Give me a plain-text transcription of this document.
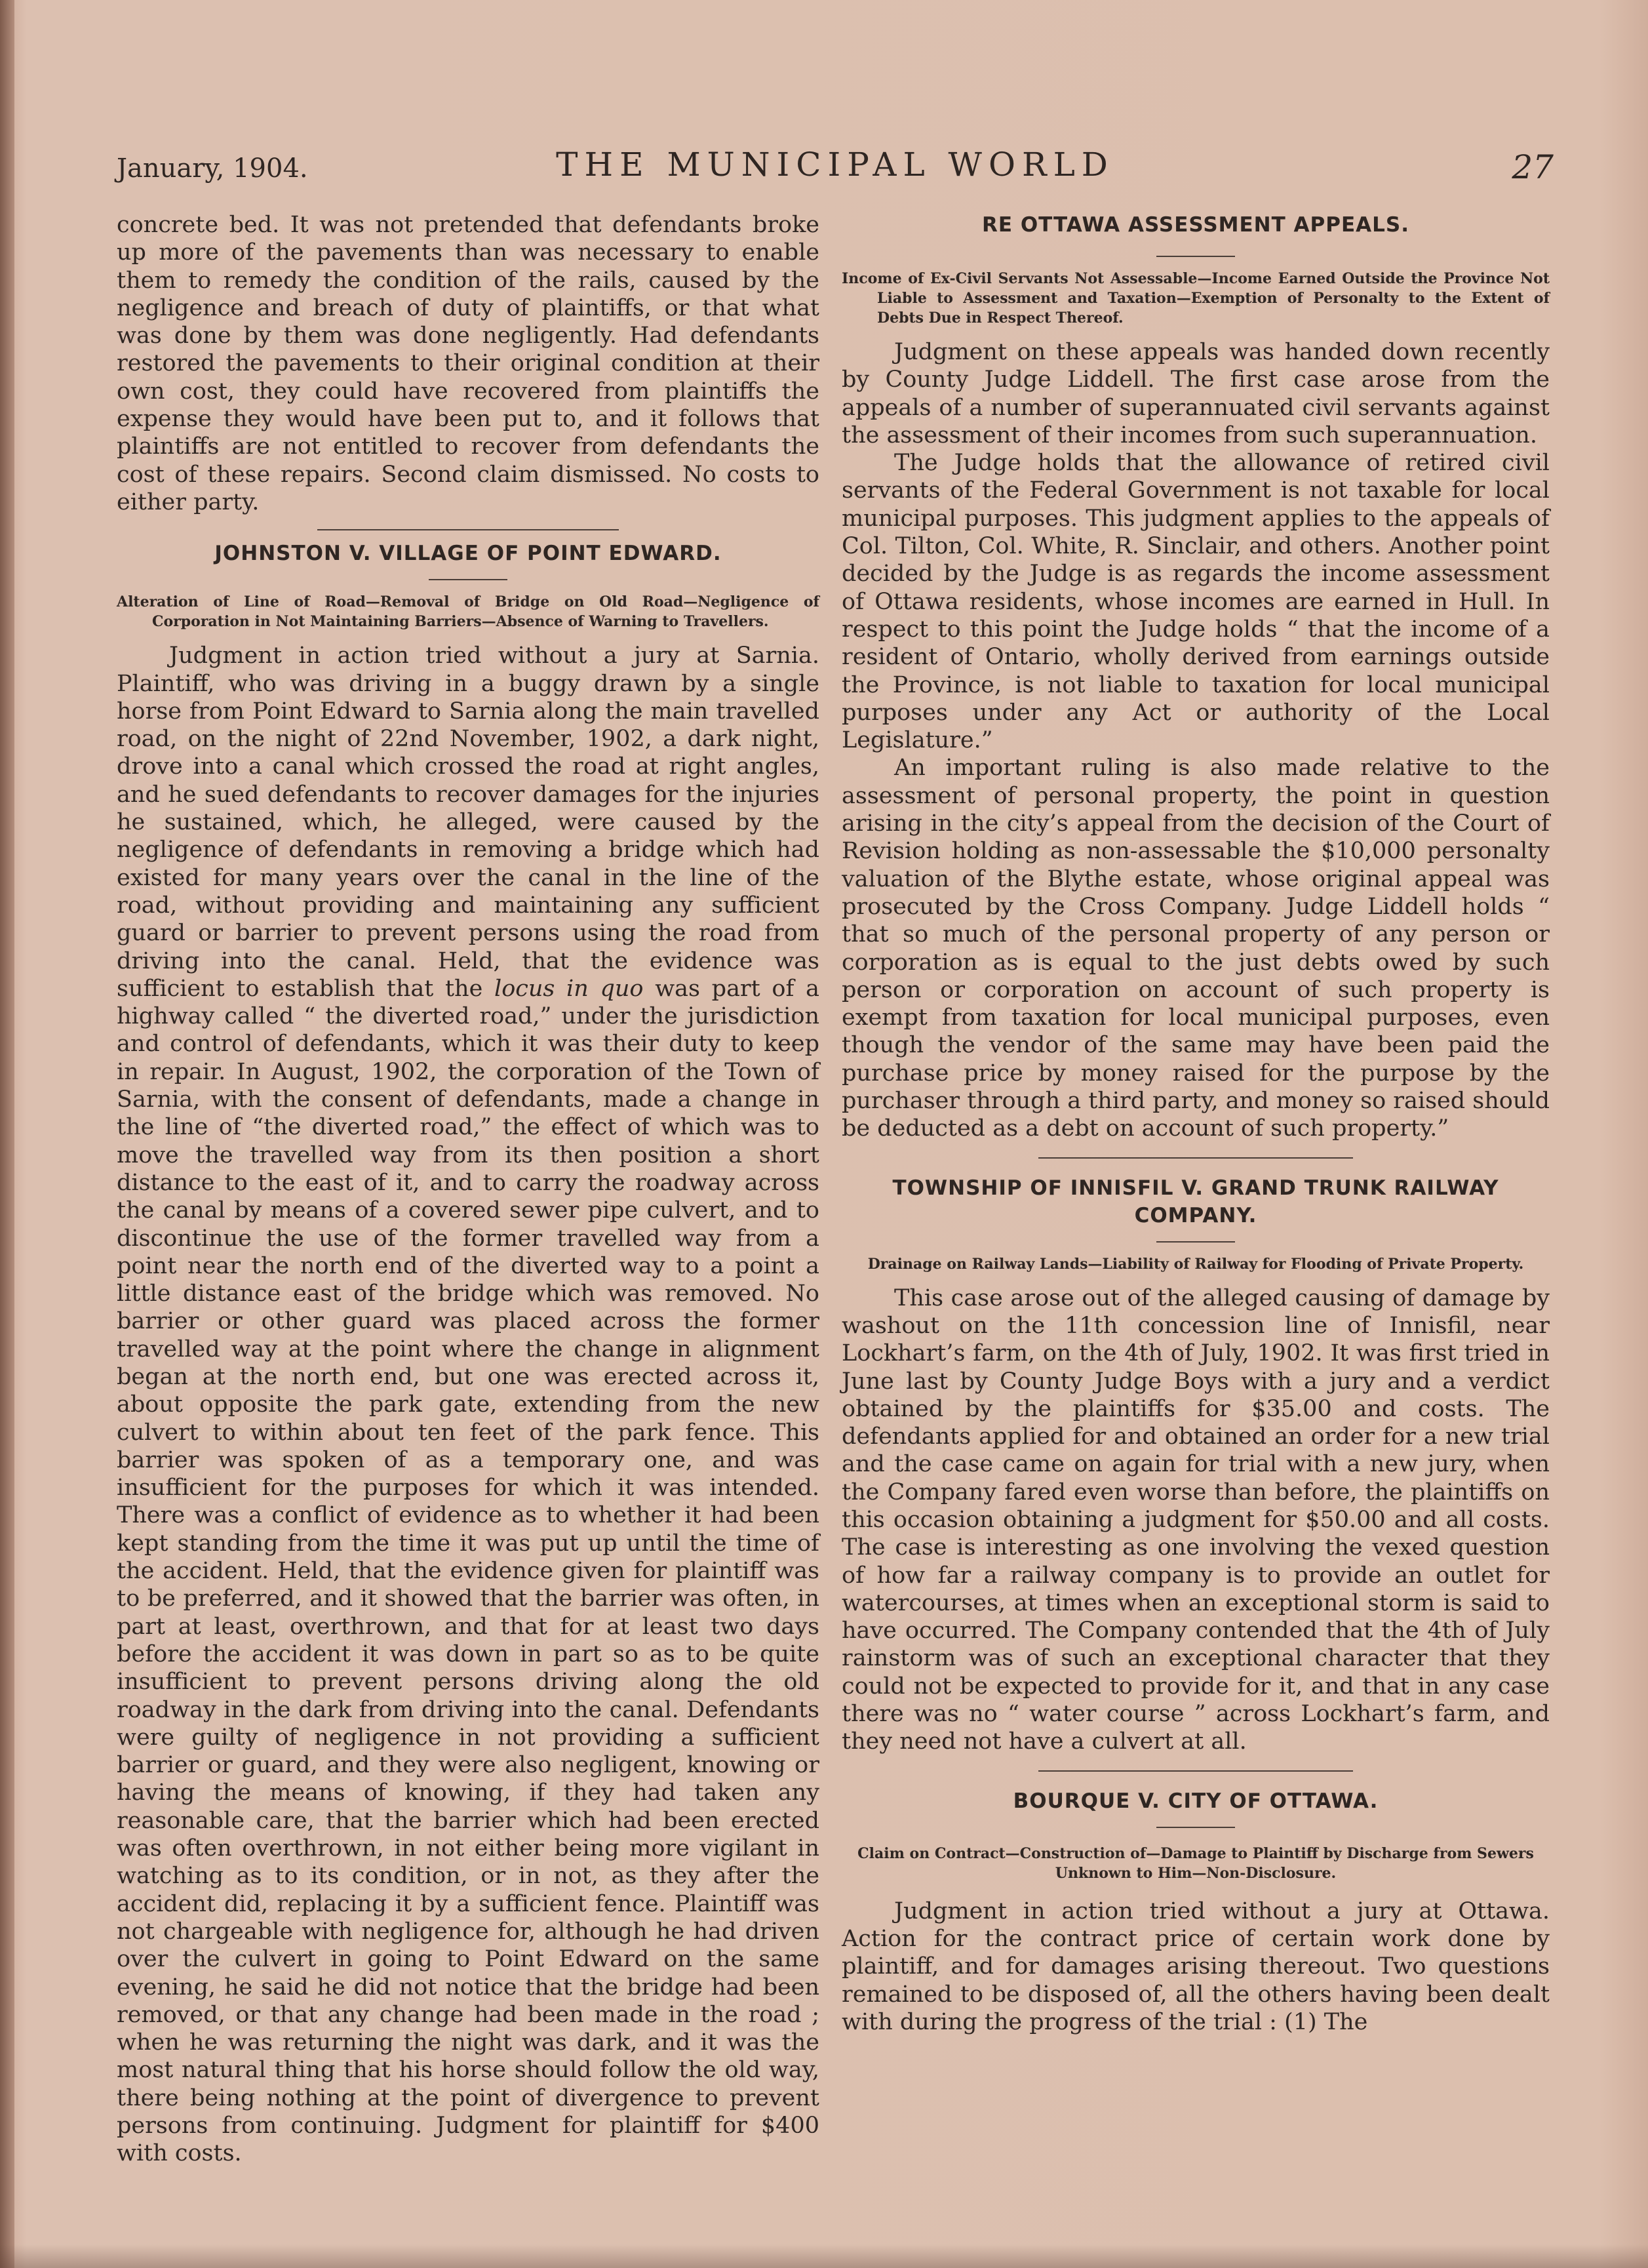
January, 1904.	THE MUNICIPAL WORLD	27

concrete bed. It was not pretended that defendants broke up more of the pavements than was necessary to enable them to remedy the condition of the rails, caused by the negligence and breach of duty of plaintiffs, or that what was done by them was done negligently. Had defendants restored the pavements to their original condition at their own cost, they could have recovered from plaintiffs the expense they would have been put to, and it follows that plaintiffs are not entitled to recover from defendants the cost of these repairs. Second claim dismissed. No costs to either party.

JOHNSTON V. VILLAGE OF POINT EDWARD.

Alteration of Line of Road—Removal of Bridge on Old Road—Negligence of Corporation in Not Maintaining Barriers—Absence of Warning to Travellers.

Judgment in action tried without a jury at Sarnia. Plaintiff, who was driving in a buggy drawn by a single horse from Point Edward to Sarnia along the main travelled road, on the night of 22nd November, 1902, a dark night, drove into a canal which crossed the road at right angles, and he sued defendants to recover damages for the injuries he sustained, which, he alleged, were caused by the negligence of defendants in removing a bridge which had existed for many years over the canal in the line of the road, without providing and maintaining any sufficient guard or barrier to prevent persons using the road from driving into the canal. Held, that the evidence was sufficient to establish that the locus in quo was part of a highway called “ the diverted road,” under the jurisdiction and control of defendants, which it was their duty to keep in repair. In August, 1902, the corporation of the Town of Sarnia, with the consent of defendants, made a change in the line of “the diverted road,” the effect of which was to move the travelled way from its then position a short distance to the east of it, and to carry the roadway across the canal by means of a covered sewer pipe culvert, and to discontinue the use of the former travelled way from a point near the north end of the diverted way to a point a little distance east of the bridge which was removed. No barrier or other guard was placed across the former travelled way at the point where the change in alignment began at the north end, but one was erected across it, about opposite the park gate, extending from the new culvert to within about ten feet of the park fence. This barrier was spoken of as a temporary one, and was insufficient for the purposes for which it was intended. There was a conflict of evidence as to whether it had been kept standing from the time it was put up until the time of the accident. Held, that the evidence given for plaintiff was to be preferred, and it showed that the barrier was often, in part at least, overthrown, and that for at least two days before the accident it was down in part so as to be quite insufficient to prevent persons driving along the old roadway in the dark from driving into the canal. Defendants were guilty of negligence in not providing a sufficient barrier or guard, and they were also negligent, knowing or having the means of knowing, if they had taken any reasonable care, that the barrier which had been erected was often overthrown, in not either being more vigilant in watching as to its condition, or in not, as they after the accident did, replacing it by a sufficient fence. Plaintiff was not chargeable with negligence for, although he had driven over the culvert in going to Point Edward on the same evening, he said he did not notice that the bridge had been removed, or that any change had been made in the road ; when he was returning the night was dark, and it was the most natural thing that his horse should follow the old way, there being nothing at the point of divergence to prevent persons from continuing. Judgment for plaintiff for $400 with costs.

RE OTTAWA ASSESSMENT APPEALS.

Income of Ex-Civil Servants Not Assessable—Income Earned Outside the Province Not Liable to Assessment and Taxation—Exemption of Personalty to the Extent of Debts Due in Respect Thereof.

Judgment on these appeals was handed down recently by County Judge Liddell. The first case arose from the appeals of a number of superannuated civil servants against the assessment of their incomes from such superannuation.

The Judge holds that the allowance of retired civil servants of the Federal Government is not taxable for local municipal purposes. This judgment applies to the appeals of Col. Tilton, Col. White, R. Sinclair, and others. Another point decided by the Judge is as regards the income assessment of Ottawa residents, whose incomes are earned in Hull. In respect to this point the Judge holds “ that the income of a resident of Ontario, wholly derived from earnings outside the Province, is not liable to taxation for local municipal purposes under any Act or authority of the Local Legislature.”

An important ruling is also made relative to the assessment of personal property, the point in question arising in the city’s appeal from the decision of the Court of Revision holding as non-assessable the $10,000 personalty valuation of the Blythe estate, whose original appeal was prosecuted by the Cross Company. Judge Liddell holds “ that so much of the personal property of any person or corporation as is equal to the just debts owed by such person or corporation on account of such property is exempt from taxation for local municipal purposes, even though the vendor of the same may have been paid the purchase price by money raised for the purpose by the purchaser through a third party, and money so raised should be deducted as a debt on account of such property.”

TOWNSHIP OF INNISFIL V. GRAND TRUNK RAILWAY COMPANY.

Drainage on Railway Lands—Liability of Railway for Flooding of Private Property.

This case arose out of the alleged causing of damage by washout on the 11th concession line of Innisfil, near Lockhart’s farm, on the 4th of July, 1902. It was first tried in June last by County Judge Boys with a jury and a verdict obtained by the plaintiffs for $35.00 and costs. The defendants applied for and obtained an order for a new trial and the case came on again for trial with a new jury, when the Company fared even worse than before, the plaintiffs on this occasion obtaining a judgment for $50.00 and all costs. The case is interesting as one involving the vexed question of how far a railway company is to provide an outlet for watercourses, at times when an exceptional storm is said to have occurred. The Company contended that the 4th of July rainstorm was of such an exceptional character that they could not be expected to provide for it, and that in any case there was no “ water course ” across Lockhart’s farm, and they need not have a culvert at all.

BOURQUE V. CITY OF OTTAWA.

Claim on Contract—Construction of—Damage to Plaintiff by Discharge from Sewers Unknown to Him—Non-Disclosure.

Judgment in action tried without a jury at Ottawa. Action for the contract price of certain work done by plaintiff, and for damages arising thereout. Two questions remained to be disposed of, all the others having been dealt with during the progress of the trial : (1) The
